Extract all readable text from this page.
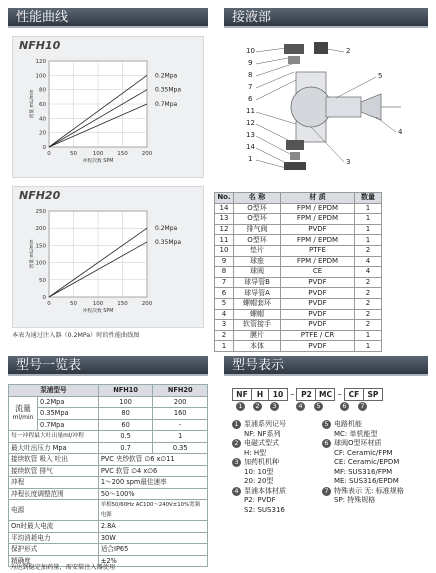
性能曲线	接液部
型号一览表	型号表示
NFH10
0
20
40
60
80
100
120
0	50	100	150	200
冲程次数 SPM
流量 mL/min
0.2Mpa
0.35Mpa
0.7Mpa
NFH20
0
50
100
150
200
250
0	50	100	150	200
冲程次数 SPM
流量 mL/min
0.2Mpa
0.35Mpa
本表为通过注入器（0.2MPa）时的性能曲线图
10
9
8
7
6
11
12
13
14
1
2
5
4
3
No.	名 称	材 质	数量
14	O型环	FPM / EPDM	1
13	O型环	FPM / EPDM	1
12	排气阀	PVDF	1
11	O型环	FPM / EPDM	1
10	垫片	PTFE	2
9	球座	FPM / EPDM	4
8	球阀	CE	4
7	球导管B	PVDF	2
6	球导管A	PVDF	2
5	螺帽套环	PVDF	2
4	螺帽	PVDF	2
3	软管接手	PVDF	2
2	膜片	PTFE / CR	1
1	本体	PVDF	1
泵浦型号		NFH10	NFH20
流量
ml/min	0.2Mpa	100	200
	0.35Mpa	80	160
	0.7Mpa	60	-
每一冲程最大吐出量ml/冲程		0.5	1
最大吐出压力 Mpa		0.7	0.35
接续软管 吸入 吐出		PVC 夹纱软管 ∅6 x∅11	
接续软管 排气		PVC 软管 ∅4 x∅6	
冲程		1～200 spm最佳速率	
冲程长度调整范围		50～100%	
电源		单相50/60Hz AC100～240V±10%宽频电源	
On时最大电流		2.8A	
平均消耗电力		30W	
保护形式		适合IP65	
精确度		±2%	
为达到稳定加药量，需安装注入器使用
NF H 10 – P2 MC – CF SP
1 2 3	4 5	6 7
1 泵浦系列记号
NF: NF系列
2 电磁式型式
H: H型
3 加药机机种
10: 10型
20: 20型
4 泵浦本体材质
P2: PVDF
S2: SUS316
5 电路机能
MC: 单机能型
6 球阀O型环材质
CF: Ceramic/FPM
CE: Ceramic/EPDM
MF: SUS316/FPM
ME: SUS316/EPDM
7 特殊表示 无: 标准规格
SP: 特殊规格
